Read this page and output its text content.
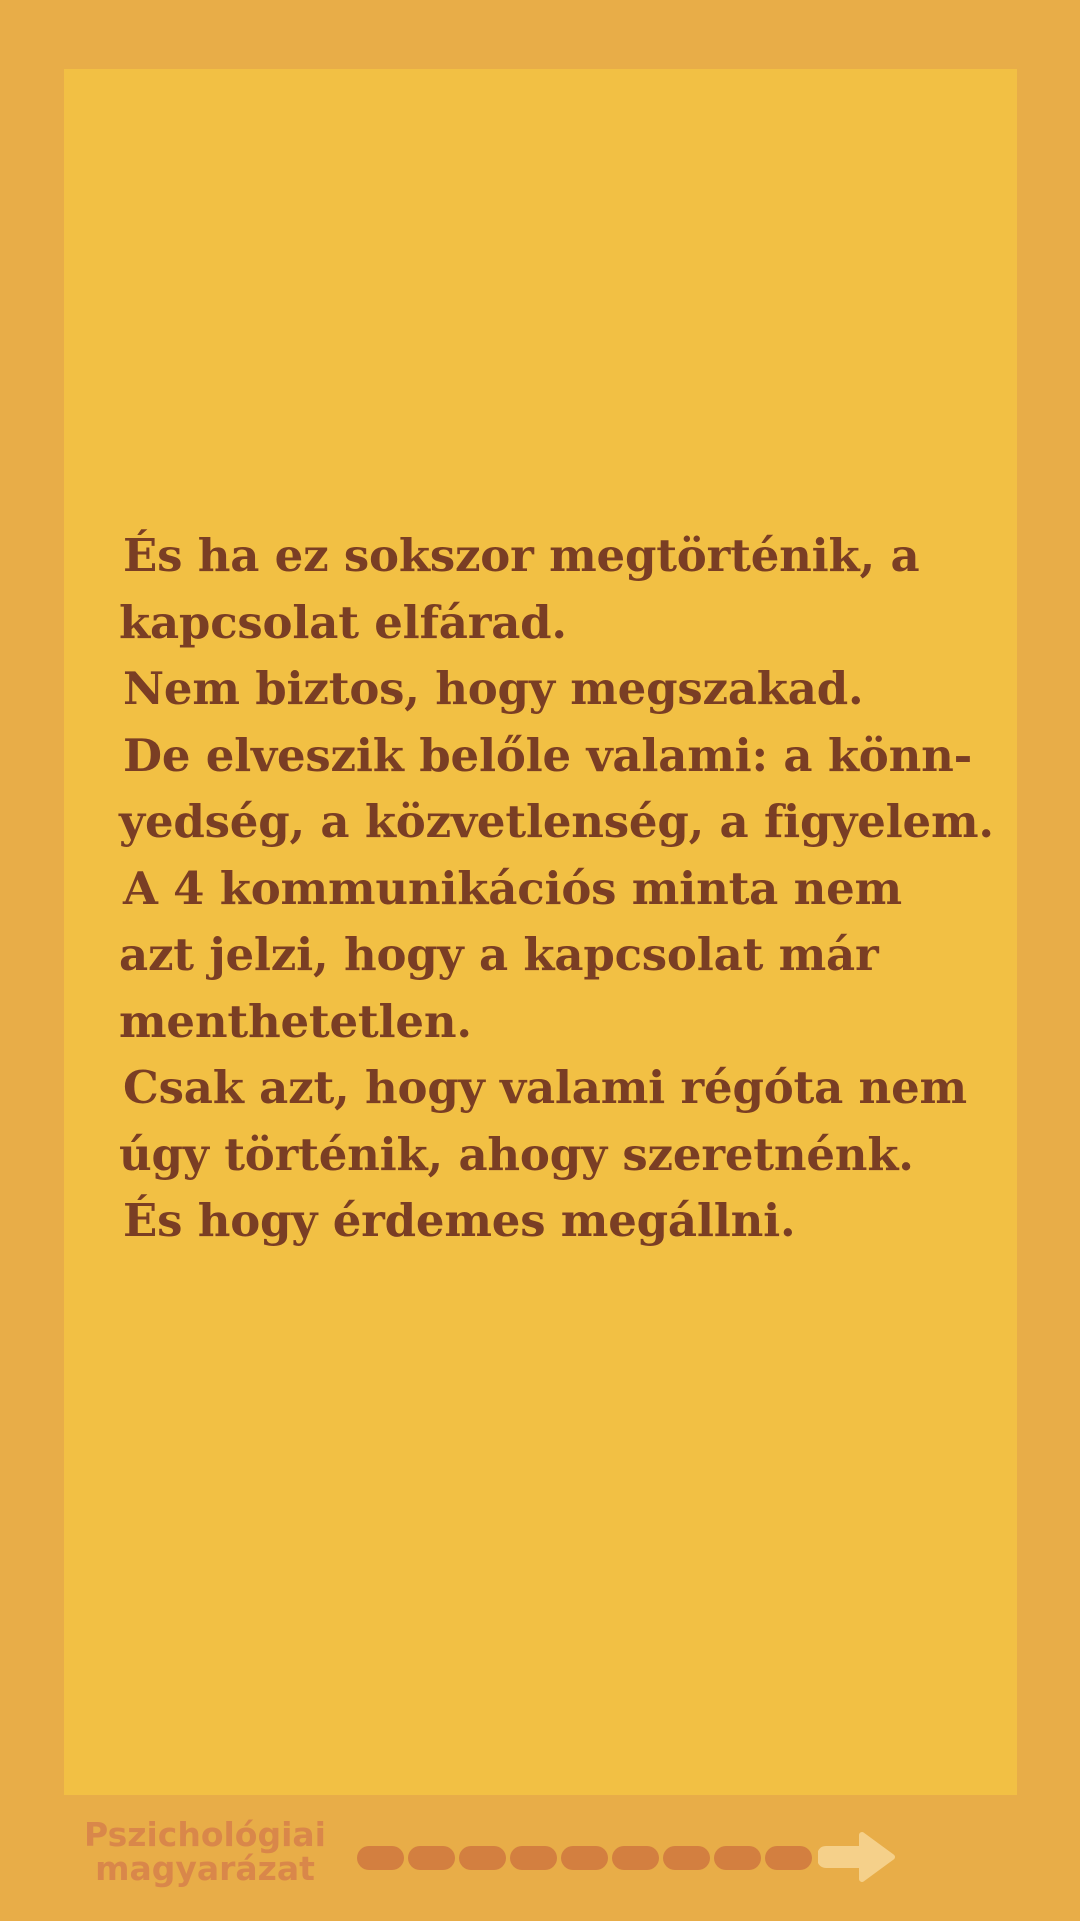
És ha ez sokszor megtörténik, a
kapcsolat elfárad.
Nem biztos, hogy megszakad.
De elveszik belőle valami: a könn-
yedség, a közvetlenség, a figyelem.
A 4 kommunikációs minta nem
azt jelzi, hogy a kapcsolat már
menthetetlen.
Csak azt, hogy valami régóta nem
úgy történik, ahogy szeretnénk.
És hogy érdemes megállni.
Pszichológiai
magyarázat
